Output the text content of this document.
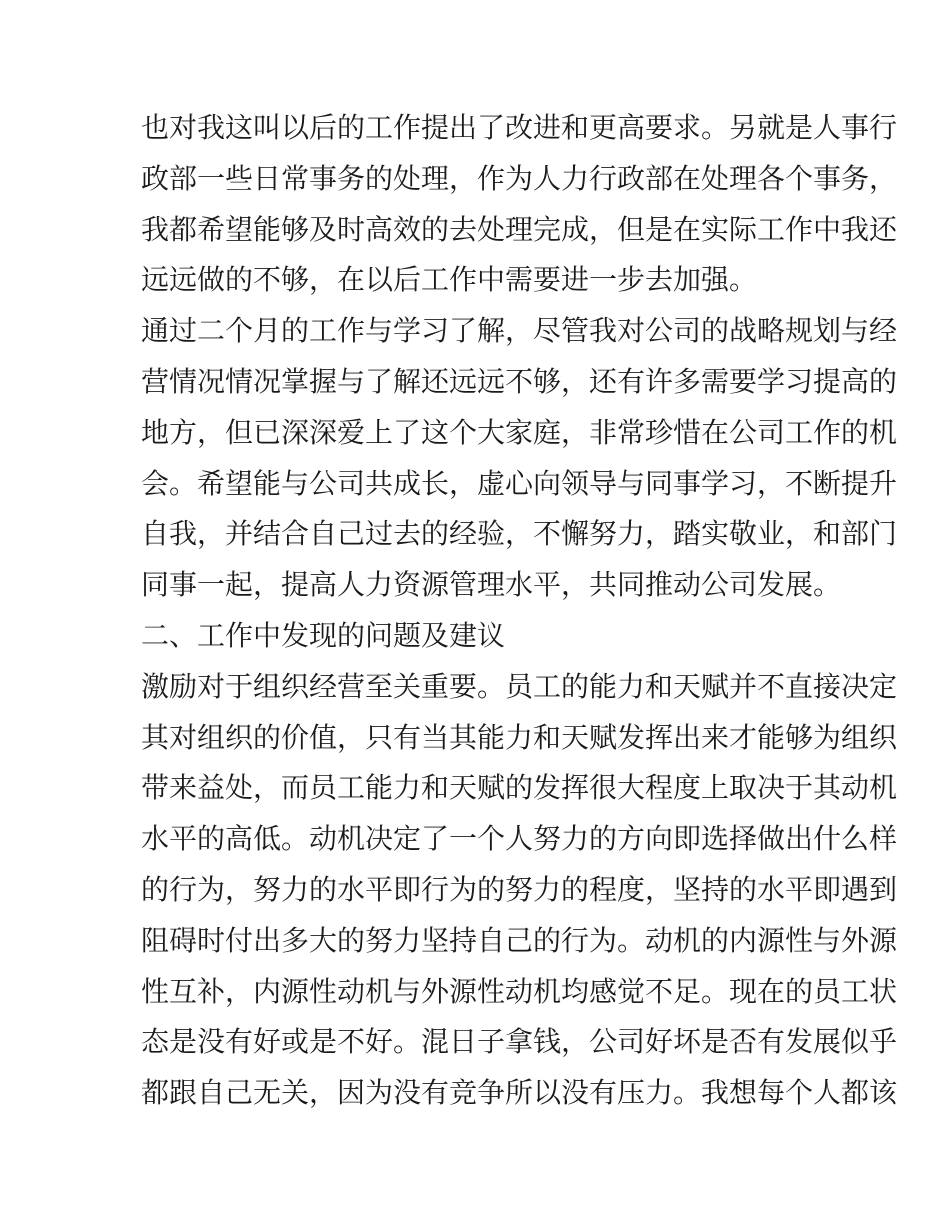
也对我这叫以后的工作提出了改进和更高要求。另就是人事行
政部一些日常事务的处理，作为人力行政部在处理各个事务，
我都希望能够及时高效的去处理完成，但是在实际工作中我还
远远做的不够，在以后工作中需要进一步去加强。
通过二个月的工作与学习了解，尽管我对公司的战略规划与经
营情况情况掌握与了解还远远不够，还有许多需要学习提高的
地方，但已深深爱上了这个大家庭，非常珍惜在公司工作的机
会。希望能与公司共成长，虚心向领导与同事学习，不断提升
自我，并结合自己过去的经验，不懈努力，踏实敬业，和部门
同事一起，提高人力资源管理水平，共同推动公司发展。
二、工作中发现的问题及建议
激励对于组织经营至关重要。员工的能力和天赋并不直接决定
其对组织的价值，只有当其能力和天赋发挥出来才能够为组织
带来益处，而员工能力和天赋的发挥很大程度上取决于其动机
水平的高低。动机决定了一个人努力的方向即选择做出什么样
的行为，努力的水平即行为的努力的程度，坚持的水平即遇到
阻碍时付出多大的努力坚持自己的行为。动机的内源性与外源
性互补，内源性动机与外源性动机均感觉不足。现在的员工状
态是没有好或是不好。混日子拿钱，公司好坏是否有发展似乎
都跟自己无关，因为没有竞争所以没有压力。我想每个人都该
